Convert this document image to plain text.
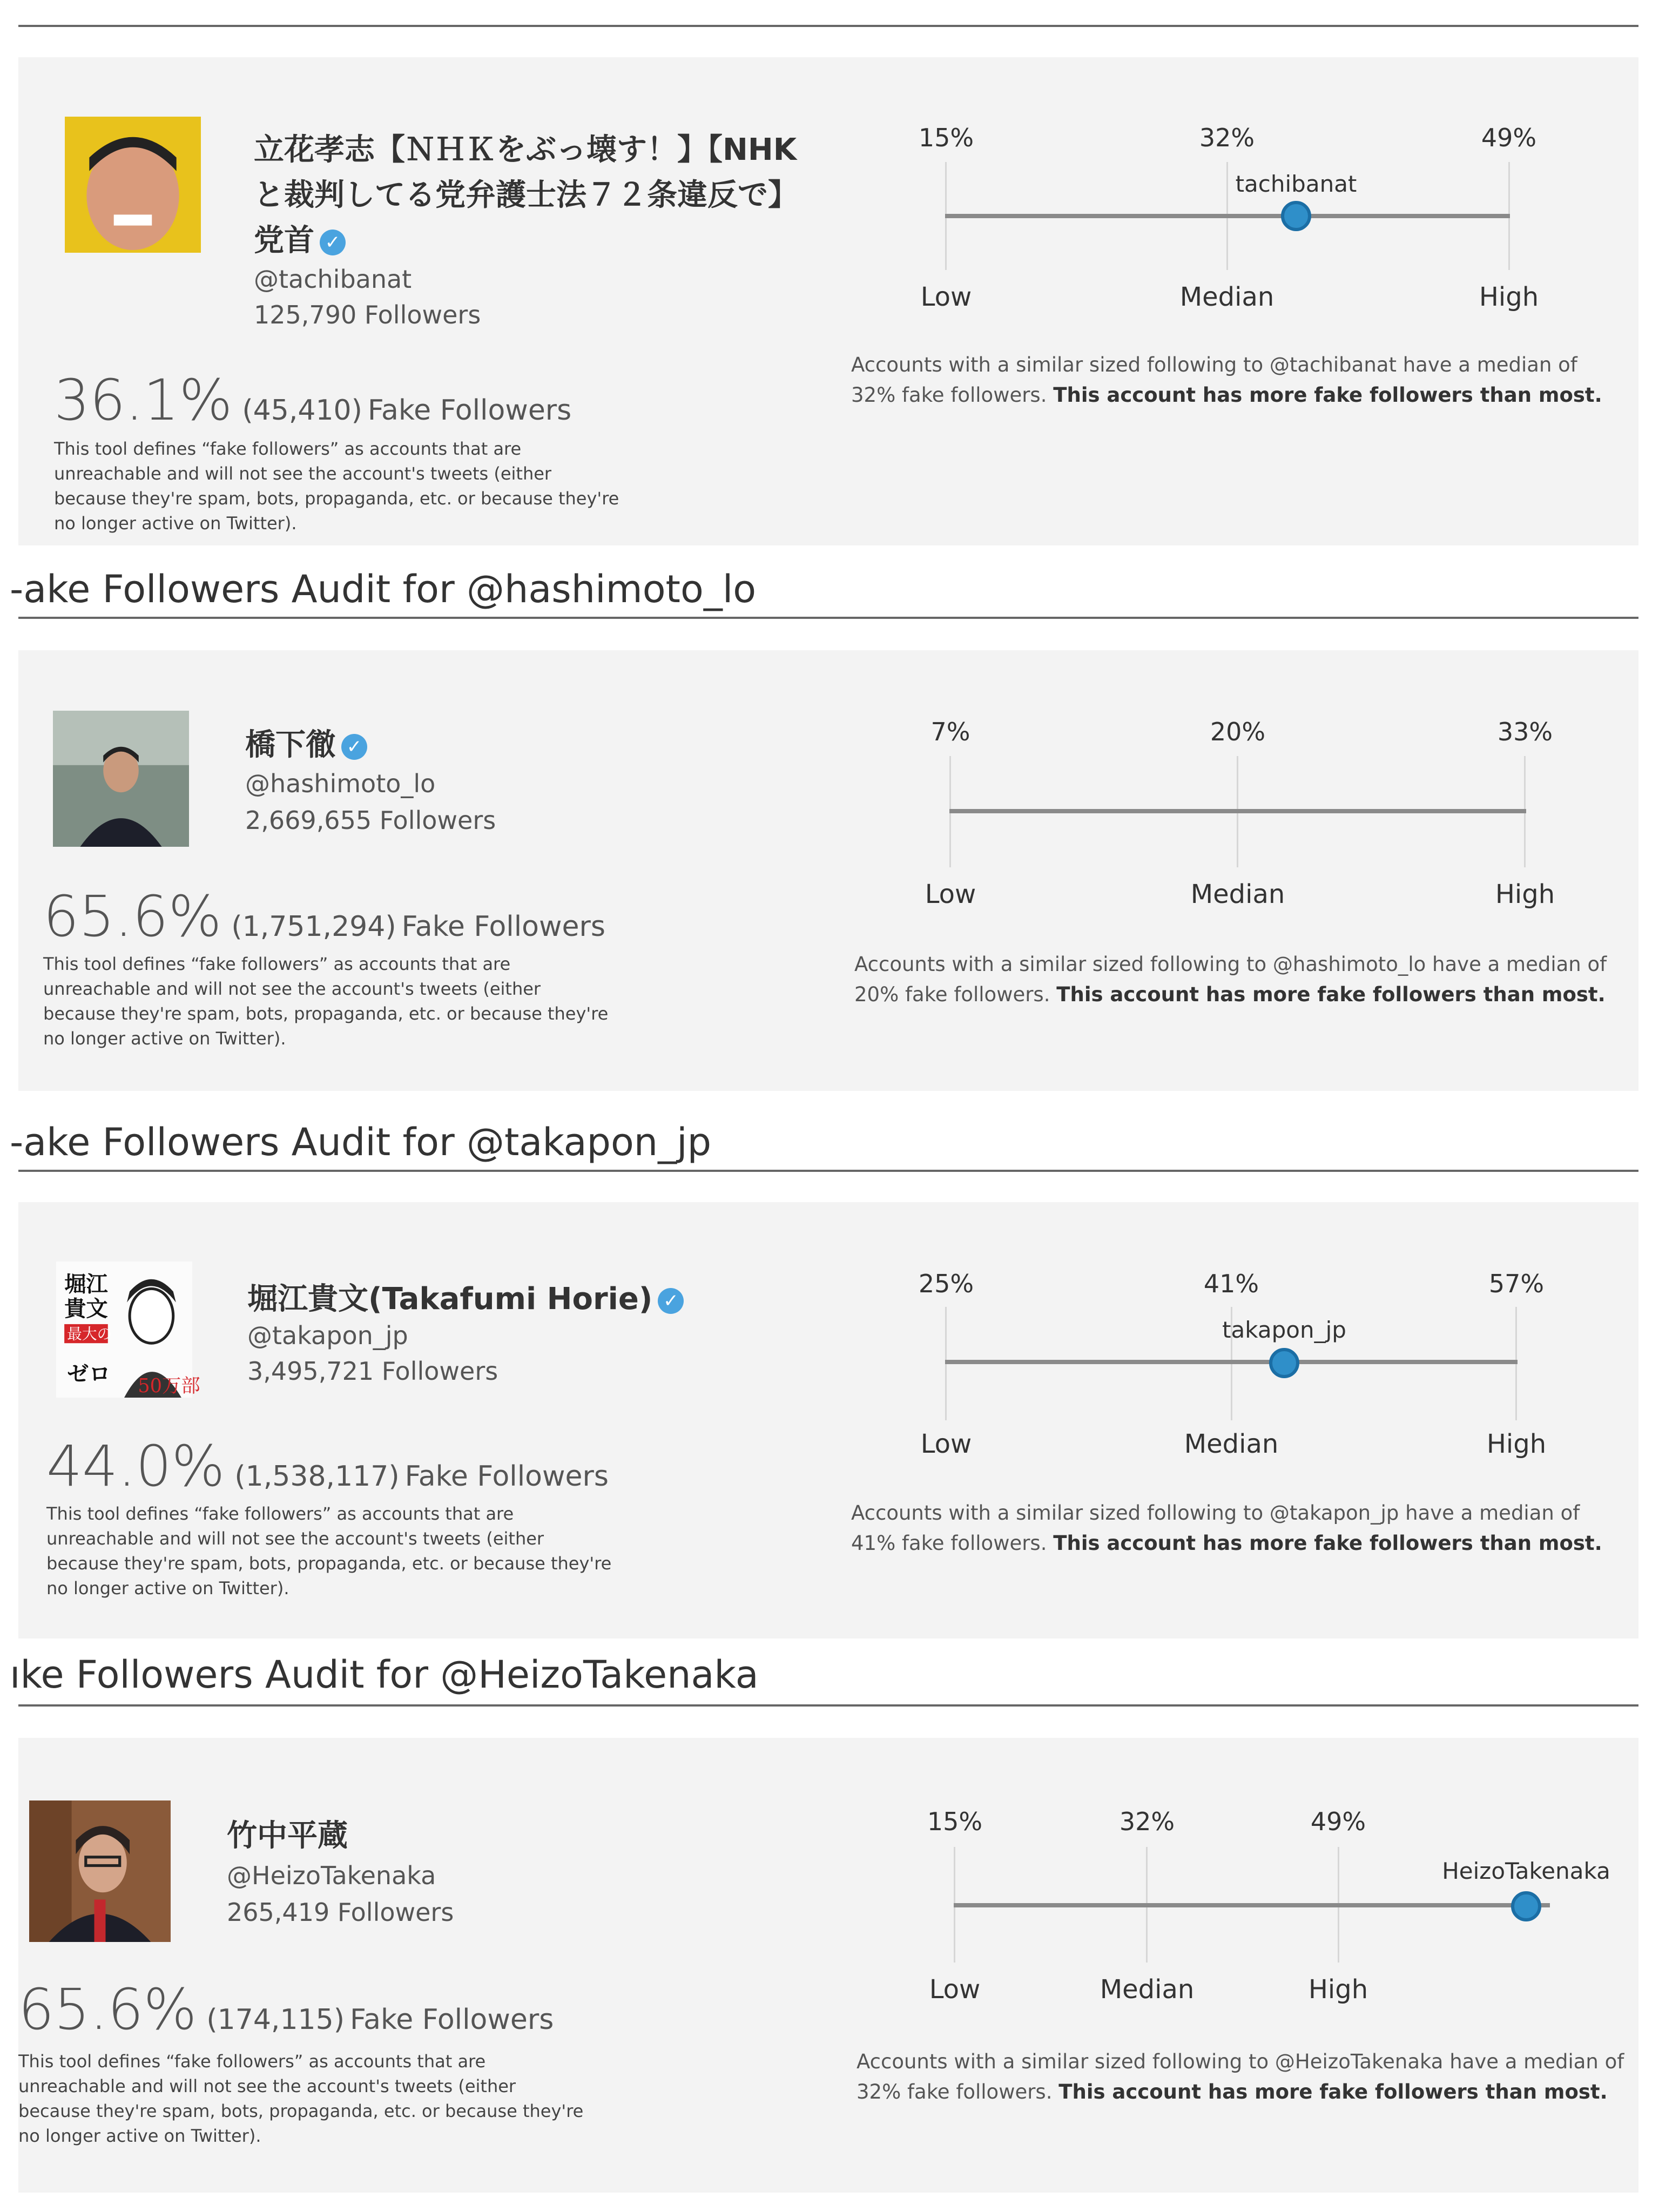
立花孝志【ＮＨＫをぶっ壊す！】【NHKと裁判してる党弁護士法７２条違反で】党首 ✓
@tachibanat
125,790 Followers
36.1% (45,410) Fake Followers
This tool defines “fake followers” as accounts that are unreachable and will not see the account's tweets (either because they're spam, bots, propaganda, etc. or because they're no longer active on Twitter).
15%	32%	49%
tachibanat
Low	Median	High
Accounts with a similar sized following to @tachibanat have a median of 32% fake followers. This account has more fake followers than most.
-ake Followers Audit for @hashimoto_lo
橋下徹 ✓
@hashimoto_lo
2,669,655 Followers
65.6% (1,751,294) Fake Followers
This tool defines “fake followers” as accounts that are unreachable and will not see the account's tweets (either because they're spam, bots, propaganda, etc. or because they're no longer active on Twitter).
7%	20%	33%
Low	Median	High
Accounts with a similar sized following to @hashimoto_lo have a median of 20% fake followers. This account has more fake followers than most.
-ake Followers Audit for @takapon_jp
堀江
貴文
最大の
ゼロ	50万部
堀江貴文(Takafumi Horie) ✓
@takapon_jp
3,495,721 Followers
44.0% (1,538,117) Fake Followers
This tool defines “fake followers” as accounts that are unreachable and will not see the account's tweets (either because they're spam, bots, propaganda, etc. or because they're no longer active on Twitter).
25%	41%	57%
takapon_jp
Low	Median	High
Accounts with a similar sized following to @takapon_jp have a median of 41% fake followers. This account has more fake followers than most.
ıke Followers Audit for @HeizoTakenaka
竹中平蔵
@HeizoTakenaka
265,419 Followers
65.6% (174,115) Fake Followers
This tool defines “fake followers” as accounts that are unreachable and will not see the account's tweets (either because they're spam, bots, propaganda, etc. or because they're no longer active on Twitter).
15%	32%	49%
HeizoTakenaka
Low	Median	High
Accounts with a similar sized following to @HeizoTakenaka have a median of 32% fake followers. This account has more fake followers than most.
